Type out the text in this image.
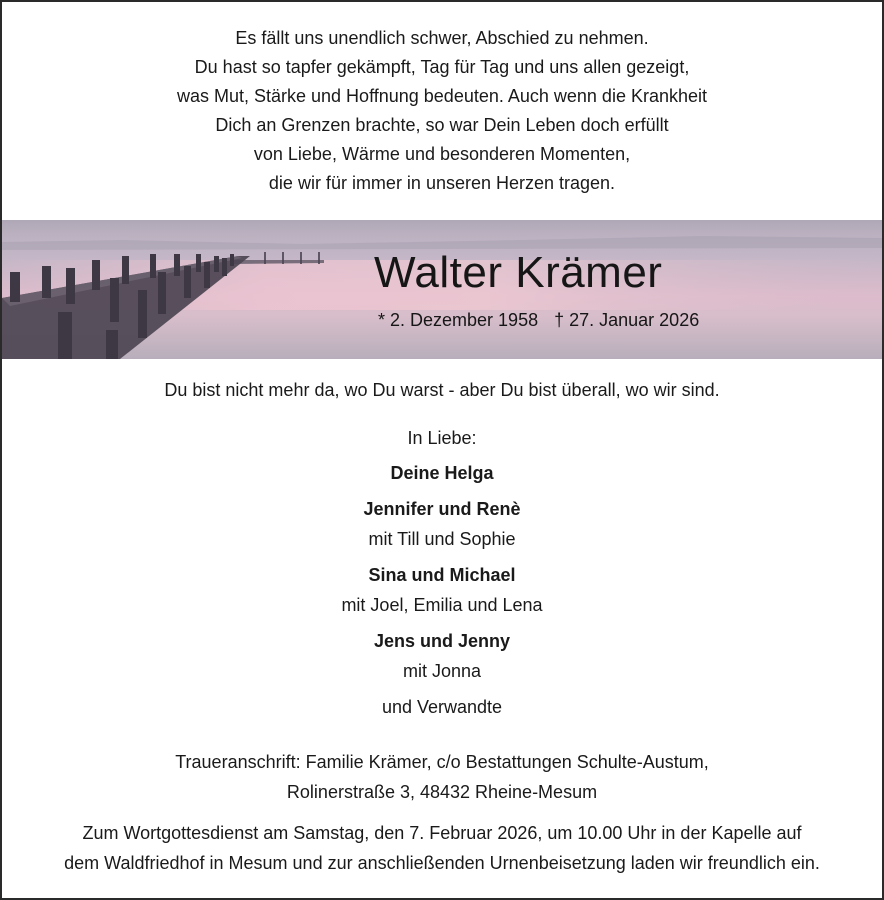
Es fällt uns unendlich schwer, Abschied zu nehmen.
Du hast so tapfer gekämpft, Tag für Tag und uns allen gezeigt,
was Mut, Stärke und Hoffnung bedeuten. Auch wenn die Krankheit
Dich an Grenzen brachte, so war Dein Leben doch erfüllt
von Liebe, Wärme und besonderen Momenten,
die wir für immer in unseren Herzen tragen.
Walter Krämer
* 2. Dezember 1958 † 27. Januar 2026
Du bist nicht mehr da, wo Du warst - aber Du bist überall, wo wir sind.
In Liebe:
Deine Helga
Jennifer und Renè
mit Till und Sophie
Sina und Michael
mit Joel, Emilia und Lena
Jens und Jenny
mit Jonna
und Verwandte
Traueranschrift: Familie Krämer, c/o Bestattungen Schulte-Austum,
Rolinerstraße 3, 48432 Rheine-Mesum
Zum Wortgottesdienst am Samstag, den 7. Februar 2026, um 10.00 Uhr in der Kapelle auf
dem Waldfriedhof in Mesum und zur anschließenden Urnenbeisetzung laden wir freundlich ein.
